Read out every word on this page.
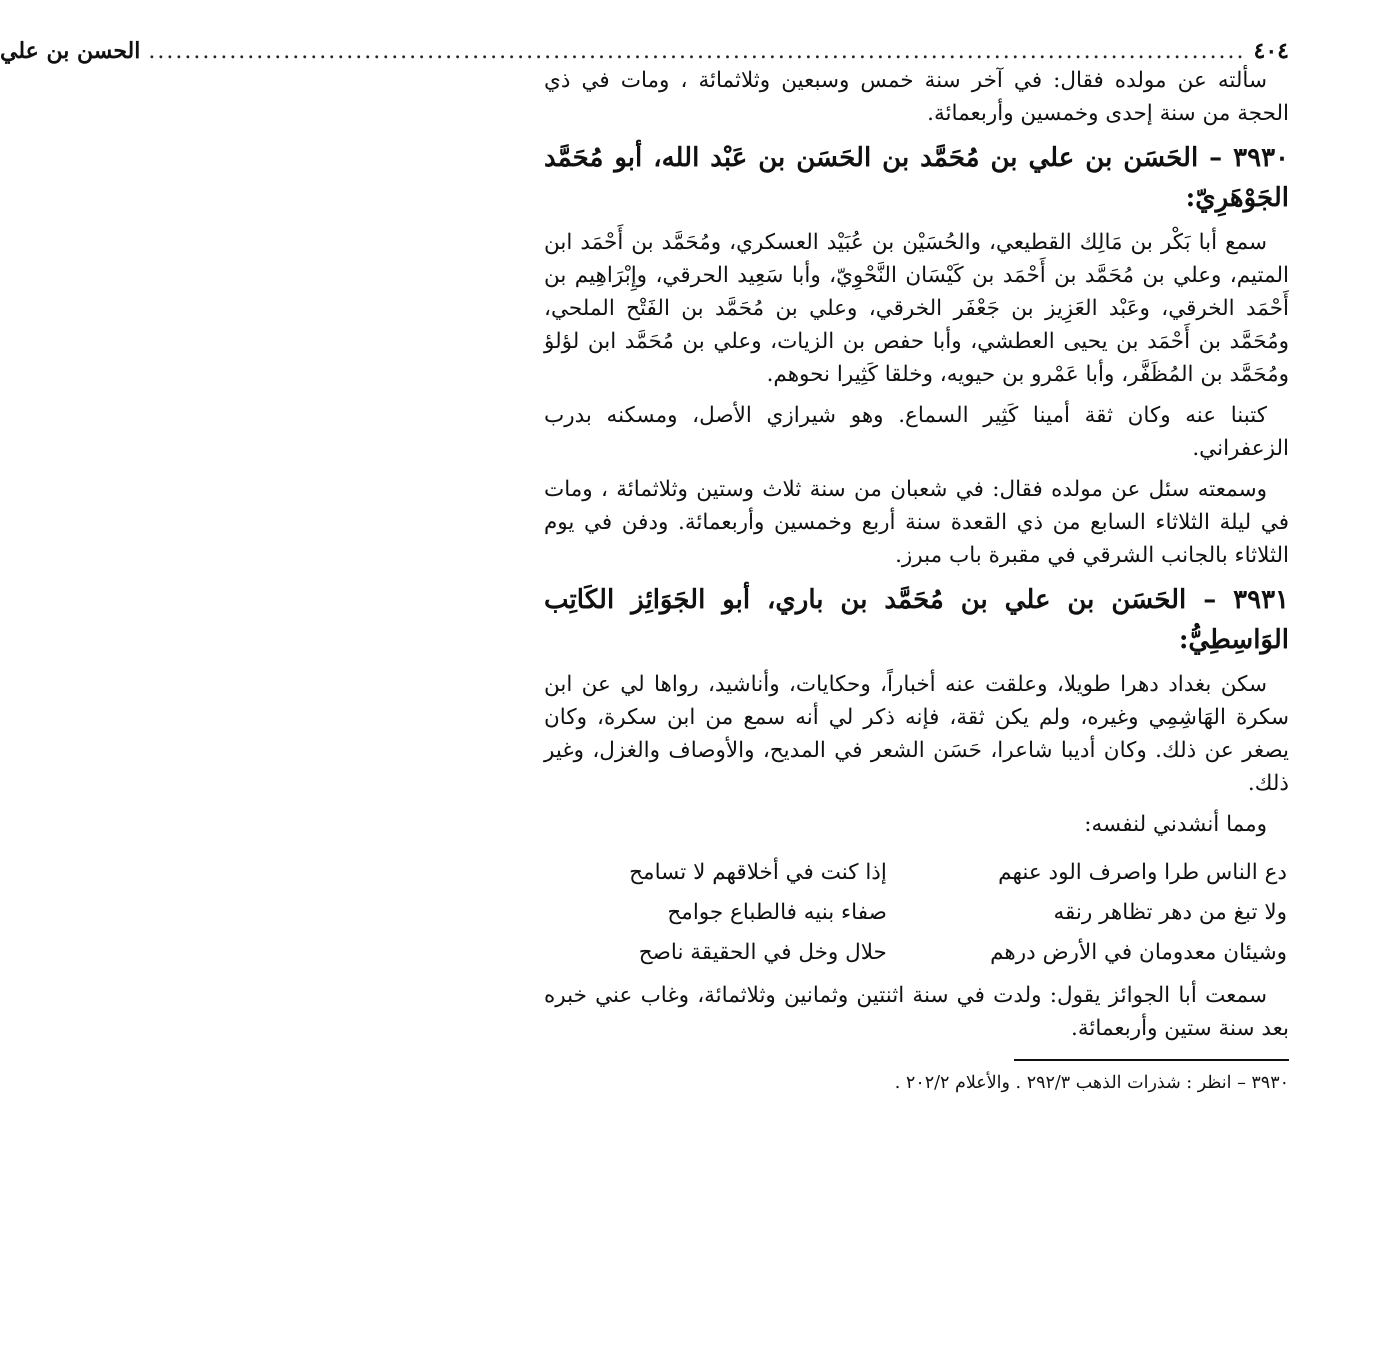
٤٠٤
..........................................................................................................................
الحسن بن علي

سألته عن مولده فقال: في آخر سنة خمس وسبعين وثلاثمائة ، ومات في ذي الحجة من سنة إحدى وخمسين وأربعمائة.

٣٩٣٠ – الحَسَن بن علي بن مُحَمَّد بن الحَسَن بن عَبْد الله، أبو مُحَمَّد الجَوْهَرِيّ:

سمع أبا بَكْر بن مَالِك القطيعي، والحُسَيْن بن عُبَيْد العسكري، ومُحَمَّد بن أَحْمَد ابن المتيم، وعلي بن مُحَمَّد بن أَحْمَد بن كَيْسَان النَّحْوِيّ، وأبا سَعِيد الحرقي، وإِبْرَاهِيم بن أَحْمَد الخرقي، وعَبْد العَزِيز بن جَعْفَر الخرقي، وعلي بن مُحَمَّد بن الفَتْح الملحي، ومُحَمَّد بن أَحْمَد بن يحيى العطشي، وأبا حفص بن الزيات، وعلي بن مُحَمَّد ابن لؤلؤ ومُحَمَّد بن المُظَفَّر، وأبا عَمْرو بن حيويه، وخلقا كَثِيرا نحوهم.

كتبنا عنه وكان ثقة أمينا كَثِير السماع. وهو شيرازي الأصل، ومسكنه بدرب الزعفراني.

وسمعته سئل عن مولده فقال: في شعبان من سنة ثلاث وستين وثلاثمائة ، ومات في ليلة الثلاثاء السابع من ذي القعدة سنة أربع وخمسين وأربعمائة. ودفن في يوم الثلاثاء بالجانب الشرقي في مقبرة باب مبرز.

٣٩٣١ – الحَسَن بن علي بن مُحَمَّد بن باري، أبو الجَوَائِز الكَاتِب الوَاسِطِيُّ:

سكن بغداد دهرا طويلا، وعلقت عنه أخباراً، وحكايات، وأناشيد، رواها لي عن ابن سكرة الهَاشِمِي وغيره، ولم يكن ثقة، فإنه ذكر لي أنه سمع من ابن سكرة، وكان يصغر عن ذلك. وكان أديبا شاعرا، حَسَن الشعر في المديح، والأوصاف والغزل، وغير ذلك.

ومما أنشدني لنفسه:

دع الناس طرا واصرف الود عنهم
إذا كنت في أخلاقهم لا تسامح
ولا تبغ من دهر تظاهر رنقه
صفاء بنيه فالطباع جوامح
وشيئان معدومان في الأرض درهم
حلال وخل في الحقيقة ناصح

سمعت أبا الجوائز يقول: ولدت في سنة اثنتين وثمانين وثلاثمائة، وغاب عني خبره بعد سنة ستين وأربعمائة.

٣٩٣٠ – انظر : شذرات الذهب ٢٩٢/٣ . والأعلام ٢٠٢/٢ .
